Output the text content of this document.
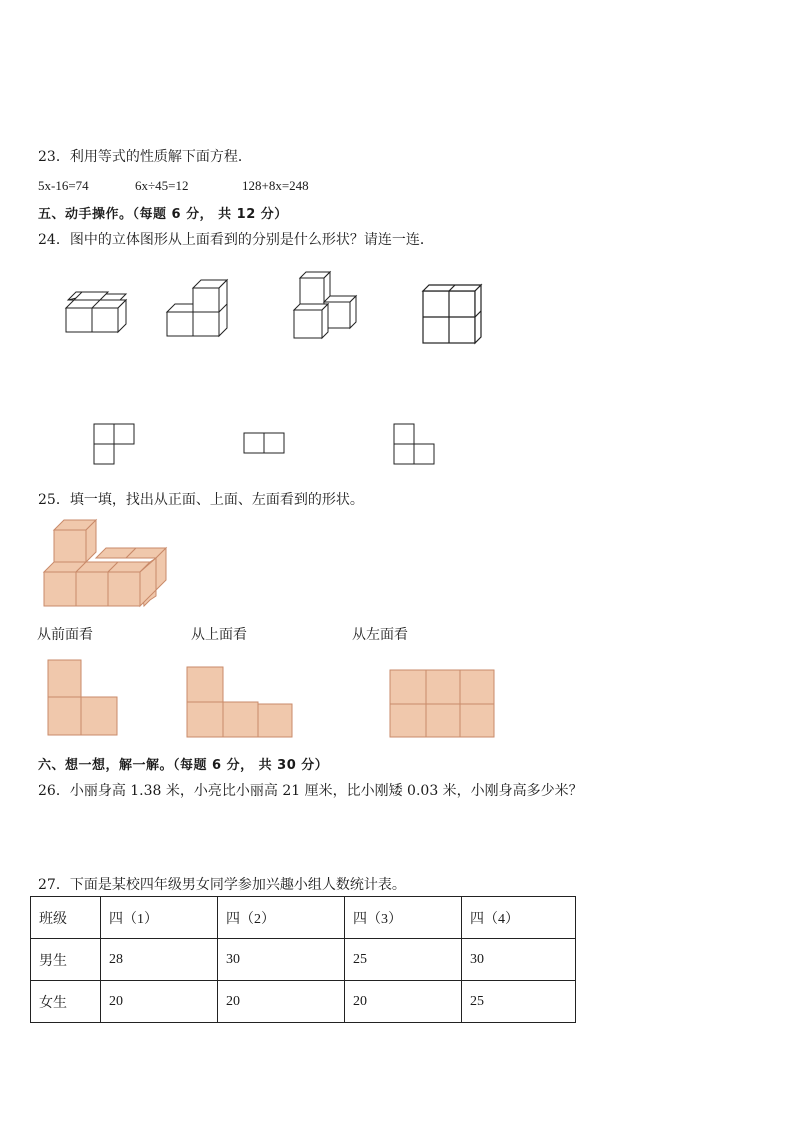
23．利用等式的性质解下面方程．
5x-16=74	6x÷45=12	128+8x=248
五、动手操作。（每题 6 分， 共 12 分）
24．图中的立体图形从上面看到的分别是什么形状？请连一连．
25．填一填，找出从正面、上面、左面看到的形状。
从前面看	从上面看	从左面看
六、想一想，解一解。（每题 6 分， 共 30 分）
26．小丽身高 1.38 米，小亮比小丽高 21 厘米，比小刚矮 0.03 米，小刚身高多少米？
27．下面是某校四年级男女同学参加兴趣小组人数统计表。
班级	四（1）	四（2）	四（3）	四（4）
男生	28	30	25	30
女生	20	20	20	25
